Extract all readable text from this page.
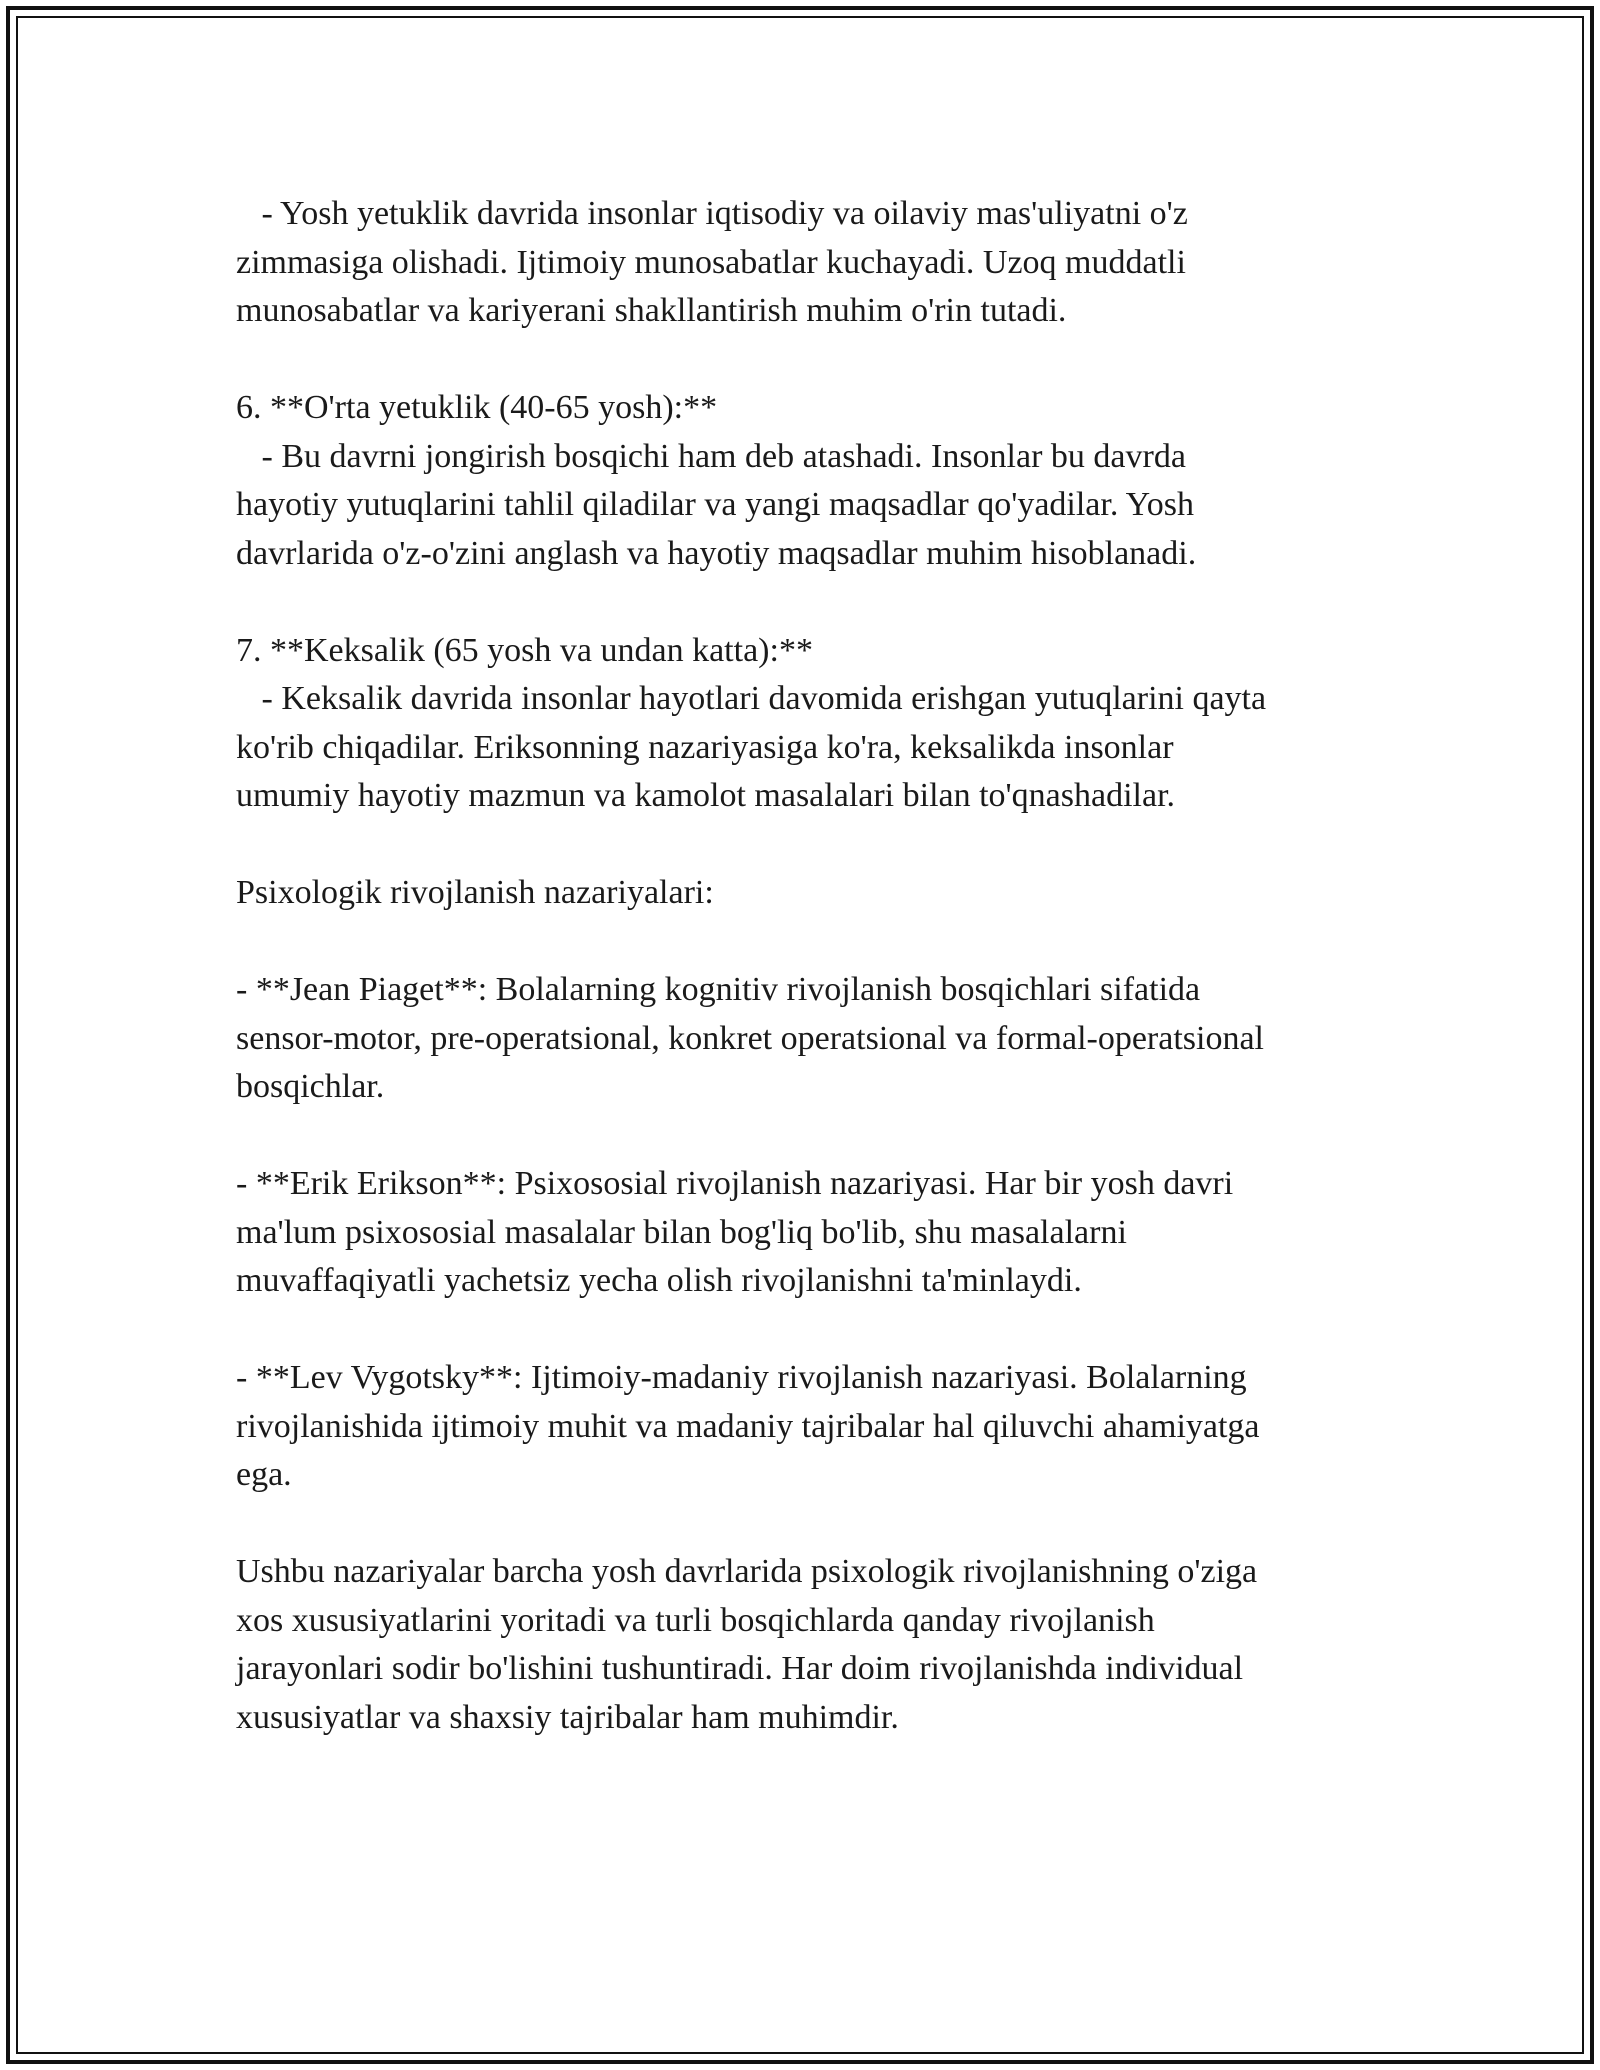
- Yosh yetuklik davrida insonlar iqtisodiy va oilaviy mas'uliyatni o'z
zimmasiga olishadi. Ijtimoiy munosabatlar kuchayadi. Uzoq muddatli
munosabatlar va kariyerani shakllantirish muhim o'rin tutadi.

6. **O'rta yetuklik (40-65 yosh):**
- Bu davrni jongirish bosqichi ham deb atashadi. Insonlar bu davrda
hayotiy yutuqlarini tahlil qiladilar va yangi maqsadlar qo'yadilar. Yosh
davrlarida o'z-o'zini anglash va hayotiy maqsadlar muhim hisoblanadi.

7. **Keksalik (65 yosh va undan katta):**
- Keksalik davrida insonlar hayotlari davomida erishgan yutuqlarini qayta
ko'rib chiqadilar. Eriksonning nazariyasiga ko'ra, keksalikda insonlar
umumiy hayotiy mazmun va kamolot masalalari bilan to'qnashadilar.

Psixologik rivojlanish nazariyalari:

- **Jean Piaget**: Bolalarning kognitiv rivojlanish bosqichlari sifatida
sensor-motor, pre-operatsional, konkret operatsional va formal-operatsional
bosqichlar.

- **Erik Erikson**: Psixososial rivojlanish nazariyasi. Har bir yosh davri
ma'lum psixososial masalalar bilan bog'liq bo'lib, shu masalalarni
muvaffaqiyatli yachetsiz yecha olish rivojlanishni ta'minlaydi.

- **Lev Vygotsky**: Ijtimoiy-madaniy rivojlanish nazariyasi. Bolalarning
rivojlanishida ijtimoiy muhit va madaniy tajribalar hal qiluvchi ahamiyatga
ega.

Ushbu nazariyalar barcha yosh davrlarida psixologik rivojlanishning o'ziga
xos xususiyatlarini yoritadi va turli bosqichlarda qanday rivojlanish
jarayonlari sodir bo'lishini tushuntiradi. Har doim rivojlanishda individual
xususiyatlar va shaxsiy tajribalar ham muhimdir.
